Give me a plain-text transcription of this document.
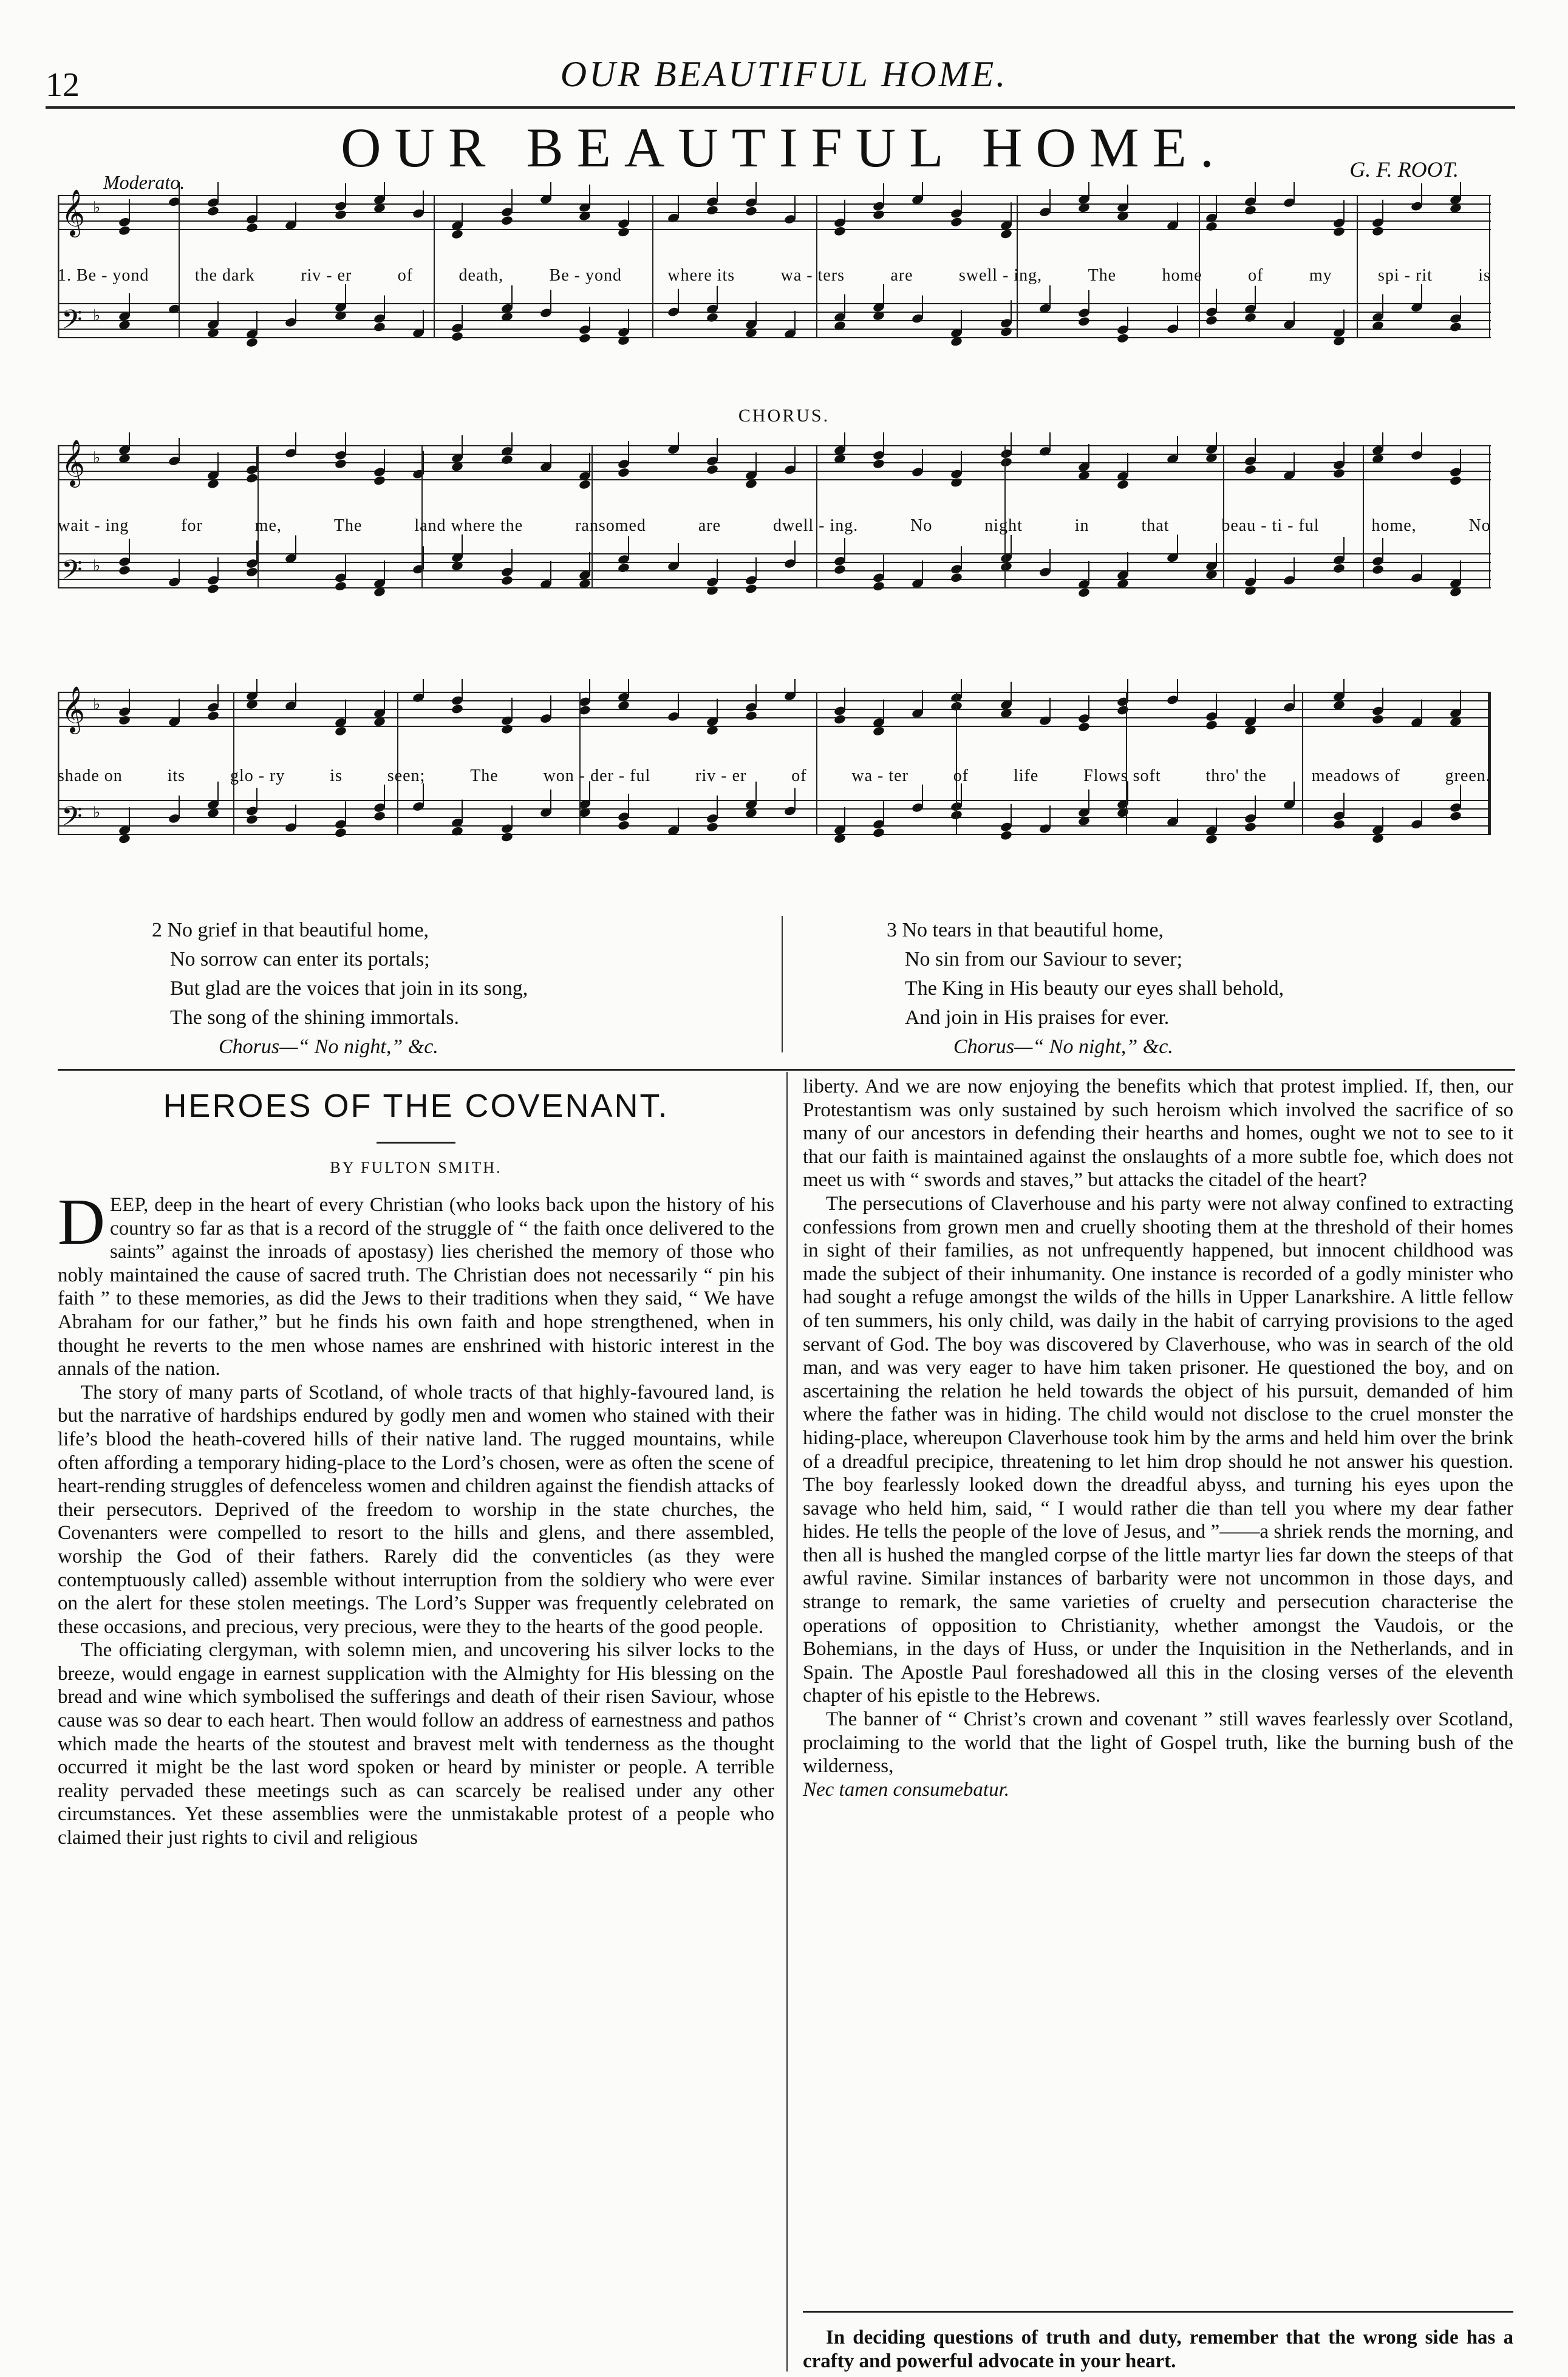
12	OUR BEAUTIFUL HOME.
OUR BEAUTIFUL HOME.	G. F. ROOT.
Moderato.
𝄞 ♭
𝄢 ♭
1. Be - yond	the dark	riv - er	of	death,	Be - yond	where its	wa - ters	are	swell - ing,	The	home	of	my	spi - rit	is
CHORUS.
𝄞 ♭
𝄢 ♭
wait - ing	for	me,	The	land where the	ransomed	are	dwell - ing.	No	night	in	that	beau - ti - ful	home,	No
𝄞 ♭
𝄢 ♭
shade on	its	glo - ry	is	seen;	The	won - der - ful	riv - er	of	wa - ter	of	life	Flows soft	thro' the	meadows of	green.
2 No grief in that beautiful home,
No sorrow can enter its portals;
But glad are the voices that join in its song,
The song of the shining immortals.
Chorus—“ No night,” &c.
3 No tears in that beautiful home,
No sin from our Saviour to sever;
The King in His beauty our eyes shall behold,
And join in His praises for ever.
Chorus—“ No night,” &c.
HEROES OF THE COVENANT.
BY FULTON SMITH.

DEEP, deep in the heart of every Christian (who looks back upon the history of his country so far as that is a record of the struggle of “ the faith once delivered to the saints” against the inroads of apostasy) lies cherished the memory of those who nobly maintained the cause of sacred truth. The Christian does not necessarily “ pin his faith ” to these memories, as did the Jews to their traditions when they said, “ We have Abraham for our father,” but he finds his own faith and hope strengthened, when in thought he reverts to the men whose names are enshrined with historic interest in the annals of the nation.

The story of many parts of Scotland, of whole tracts of that highly-favoured land, is but the narrative of hardships endured by godly men and women who stained with their life’s blood the heath-covered hills of their native land. The rugged mountains, while often affording a temporary hiding-place to the Lord’s chosen, were as often the scene of heart-rending struggles of defenceless women and children against the fiendish attacks of their persecutors. Deprived of the freedom to worship in the state churches, the Covenanters were compelled to resort to the hills and glens, and there assembled, worship the God of their fathers. Rarely did the conventicles (as they were contemptuously called) assemble without interruption from the soldiery who were ever on the alert for these stolen meetings. The Lord’s Supper was frequently celebrated on these occasions, and precious, very precious, were they to the hearts of the good people.

The officiating clergyman, with solemn mien, and uncovering his silver locks to the breeze, would engage in earnest supplication with the Almighty for His blessing on the bread and wine which symbolised the sufferings and death of their risen Saviour, whose cause was so dear to each heart. Then would follow an address of earnestness and pathos which made the hearts of the stoutest and bravest melt with tenderness as the thought occurred it might be the last word spoken or heard by minister or people. A terrible reality pervaded these meetings such as can scarcely be realised under any other circumstances. Yet these assemblies were the unmistakable protest of a people who claimed their just rights to civil and religious

liberty. And we are now enjoying the benefits which that protest implied. If, then, our Protestantism was only sustained by such heroism which involved the sacrifice of so many of our ancestors in defending their hearths and homes, ought we not to see to it that our faith is maintained against the onslaughts of a more subtle foe, which does not meet us with “ swords and staves,” but attacks the citadel of the heart?

The persecutions of Claverhouse and his party were not alway confined to extracting confessions from grown men and cruelly shooting them at the threshold of their homes in sight of their families, as not unfrequently happened, but innocent childhood was made the subject of their inhumanity. One instance is recorded of a godly minister who had sought a refuge amongst the wilds of the hills in Upper Lanarkshire. A little fellow of ten summers, his only child, was daily in the habit of carrying provisions to the aged servant of God. The boy was discovered by Claverhouse, who was in search of the old man, and was very eager to have him taken prisoner. He questioned the boy, and on ascertaining the relation he held towards the object of his pursuit, demanded of him where the father was in hiding. The child would not disclose to the cruel monster the hiding-place, whereupon Claverhouse took him by the arms and held him over the brink of a dreadful precipice, threatening to let him drop should he not answer his question. The boy fearlessly looked down the dreadful abyss, and turning his eyes upon the savage who held him, said, “ I would rather die than tell you where my dear father hides. He tells the people of the love of Jesus, and ”——a shriek rends the morning, and then all is hushed the mangled corpse of the little martyr lies far down the steeps of that awful ravine. Similar instances of barbarity were not uncommon in those days, and strange to remark, the same varieties of cruelty and persecution characterise the operations of opposition to Christianity, whether amongst the Vaudois, or the Bohemians, in the days of Huss, or under the Inquisition in the Netherlands, and in Spain. The Apostle Paul foreshadowed all this in the closing verses of the eleventh chapter of his epistle to the Hebrews.

The banner of “ Christ’s crown and covenant ” still waves fearlessly over Scotland, proclaiming to the world that the light of Gospel truth, like the burning bush of the wilderness,

Nec tamen consumebatur.

In deciding questions of truth and duty, remember that the wrong side has a crafty and powerful advocate in your heart.
